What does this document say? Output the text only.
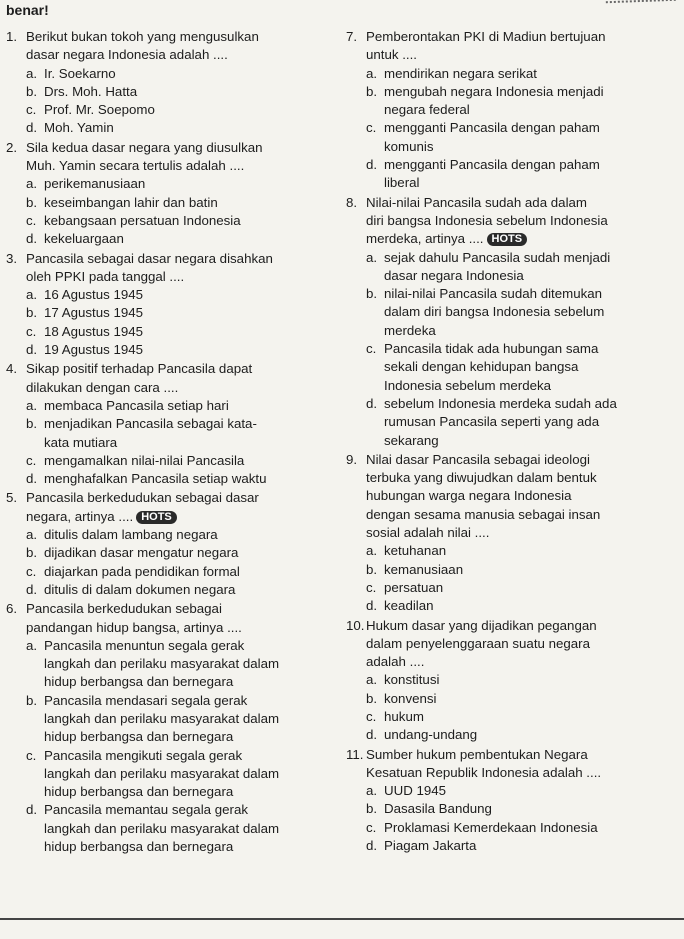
benar!
1. Berikut bukan tokoh yang mengusulkan
dasar negara Indonesia adalah ....
a. Ir. Soekarno
b. Drs. Moh. Hatta
c. Prof. Mr. Soepomo
d. Moh. Yamin
2. Sila kedua dasar negara yang diusulkan
Muh. Yamin secara tertulis adalah ....
a. perikemanusiaan
b. keseimbangan lahir dan batin
c. kebangsaan persatuan Indonesia
d. kekeluargaan
3. Pancasila sebagai dasar negara disahkan
oleh PPKI pada tanggal ....
a. 16 Agustus 1945
b. 17 Agustus 1945
c. 18 Agustus 1945
d. 19 Agustus 1945
4. Sikap positif terhadap Pancasila dapat
dilakukan dengan cara ....
a. membaca Pancasila setiap hari
b. menjadikan Pancasila sebagai kata-
kata mutiara
c. mengamalkan nilai-nilai Pancasila
d. menghafalkan Pancasila setiap waktu
5. Pancasila berkedudukan sebagai dasar
negara, artinya .... HOTS
a. ditulis dalam lambang negara
b. dijadikan dasar mengatur negara
c. diajarkan pada pendidikan formal
d. ditulis di dalam dokumen negara
6. Pancasila berkedudukan sebagai
pandangan hidup bangsa, artinya ....
a. Pancasila menuntun segala gerak
langkah dan perilaku masyarakat dalam
hidup berbangsa dan bernegara
b. Pancasila mendasari segala gerak
langkah dan perilaku masyarakat dalam
hidup berbangsa dan bernegara
c. Pancasila mengikuti segala gerak
langkah dan perilaku masyarakat dalam
hidup berbangsa dan bernegara
d. Pancasila memantau segala gerak
langkah dan perilaku masyarakat dalam
hidup berbangsa dan bernegara
7. Pemberontakan PKI di Madiun bertujuan
untuk ....
a. mendirikan negara serikat
b. mengubah negara Indonesia menjadi
negara federal
c. mengganti Pancasila dengan paham
komunis
d. mengganti Pancasila dengan paham
liberal
8. Nilai-nilai Pancasila sudah ada dalam
diri bangsa Indonesia sebelum Indonesia
merdeka, artinya .... HOTS
a. sejak dahulu Pancasila sudah menjadi
dasar negara Indonesia
b. nilai-nilai Pancasila sudah ditemukan
dalam diri bangsa Indonesia sebelum
merdeka
c. Pancasila tidak ada hubungan sama
sekali dengan kehidupan bangsa
Indonesia sebelum merdeka
d. sebelum Indonesia merdeka sudah ada
rumusan Pancasila seperti yang ada
sekarang
9. Nilai dasar Pancasila sebagai ideologi
terbuka yang diwujudkan dalam bentuk
hubungan warga negara Indonesia
dengan sesama manusia sebagai insan
sosial adalah nilai ....
a. ketuhanan
b. kemanusiaan
c. persatuan
d. keadilan
10. Hukum dasar yang dijadikan pegangan
dalam penyelenggaraan suatu negara
adalah ....
a. konstitusi
b. konvensi
c. hukum
d. undang-undang
11. Sumber hukum pembentukan Negara
Kesatuan Republik Indonesia adalah ....
a. UUD 1945
b. Dasasila Bandung
c. Proklamasi Kemerdekaan Indonesia
d. Piagam Jakarta
